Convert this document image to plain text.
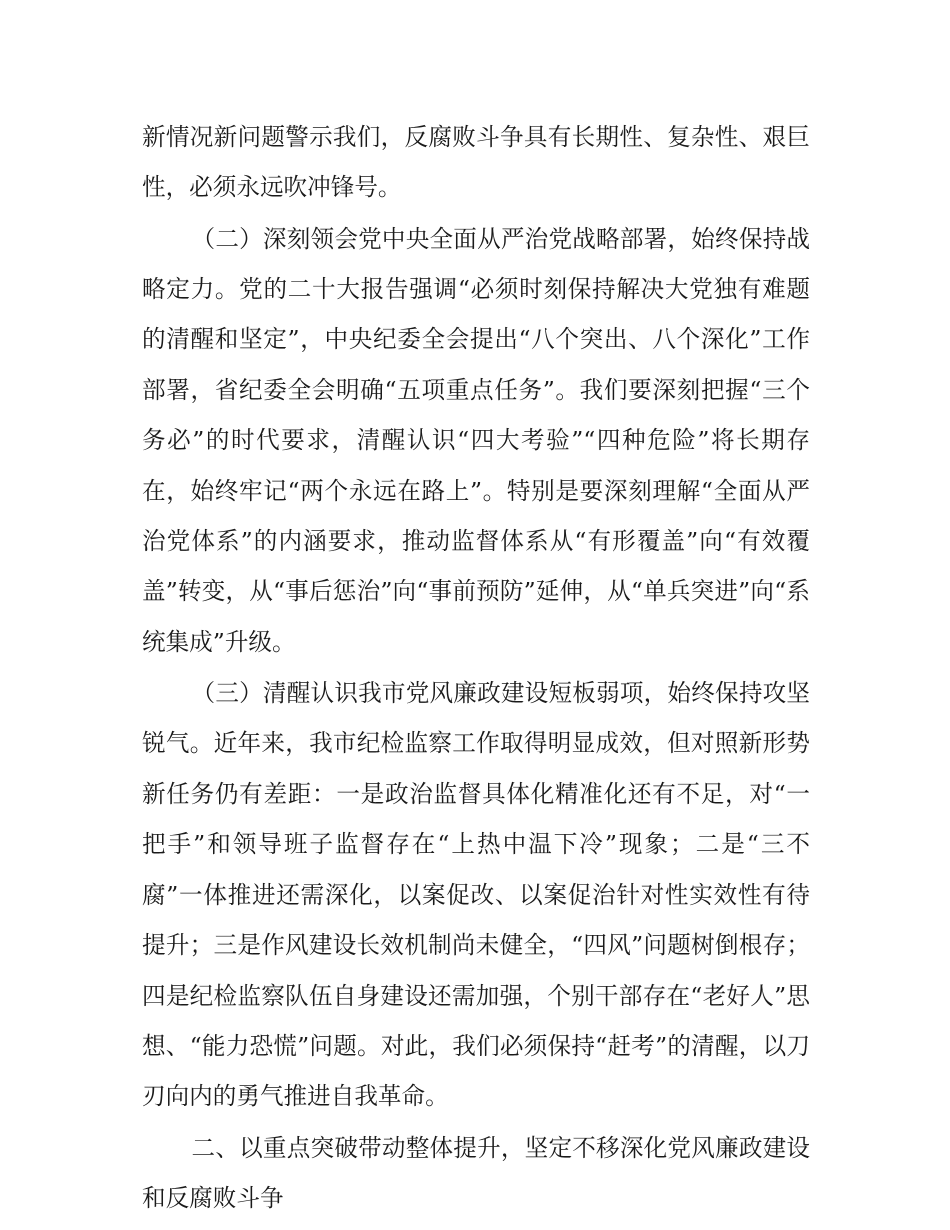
新情况新问题警示我们，反腐败斗争具有长期性、复杂性、艰巨性，必须永远吹冲锋号。

（二）深刻领会党中央全面从严治党战略部署，始终保持战略定力。党的二十大报告强调“必须时刻保持解决大党独有难题的清醒和坚定”，中央纪委全会提出“八个突出、八个深化”工作部署，省纪委全会明确“五项重点任务”。我们要深刻把握“三个务必”的时代要求，清醒认识“四大考验”“四种危险”将长期存在，始终牢记“两个永远在路上”。特别是要深刻理解“全面从严治党体系”的内涵要求，推动监督体系从“有形覆盖”向“有效覆盖”转变，从“事后惩治”向“事前预防”延伸，从“单兵突进”向“系统集成”升级。

（三）清醒认识我市党风廉政建设短板弱项，始终保持攻坚锐气。近年来，我市纪检监察工作取得明显成效，但对照新形势新任务仍有差距：一是政治监督具体化精准化还有不足，对“一把手”和领导班子监督存在“上热中温下冷”现象；二是“三不腐”一体推进还需深化，以案促改、以案促治针对性实效性有待提升；三是作风建设长效机制尚未健全，“四风”问题树倒根存；四是纪检监察队伍自身建设还需加强，个别干部存在“老好人”思想、“能力恐慌”问题。对此，我们必须保持“赶考”的清醒，以刀刃向内的勇气推进自我革命。

二、以重点突破带动整体提升，坚定不移深化党风廉政建设和反腐败斗争
